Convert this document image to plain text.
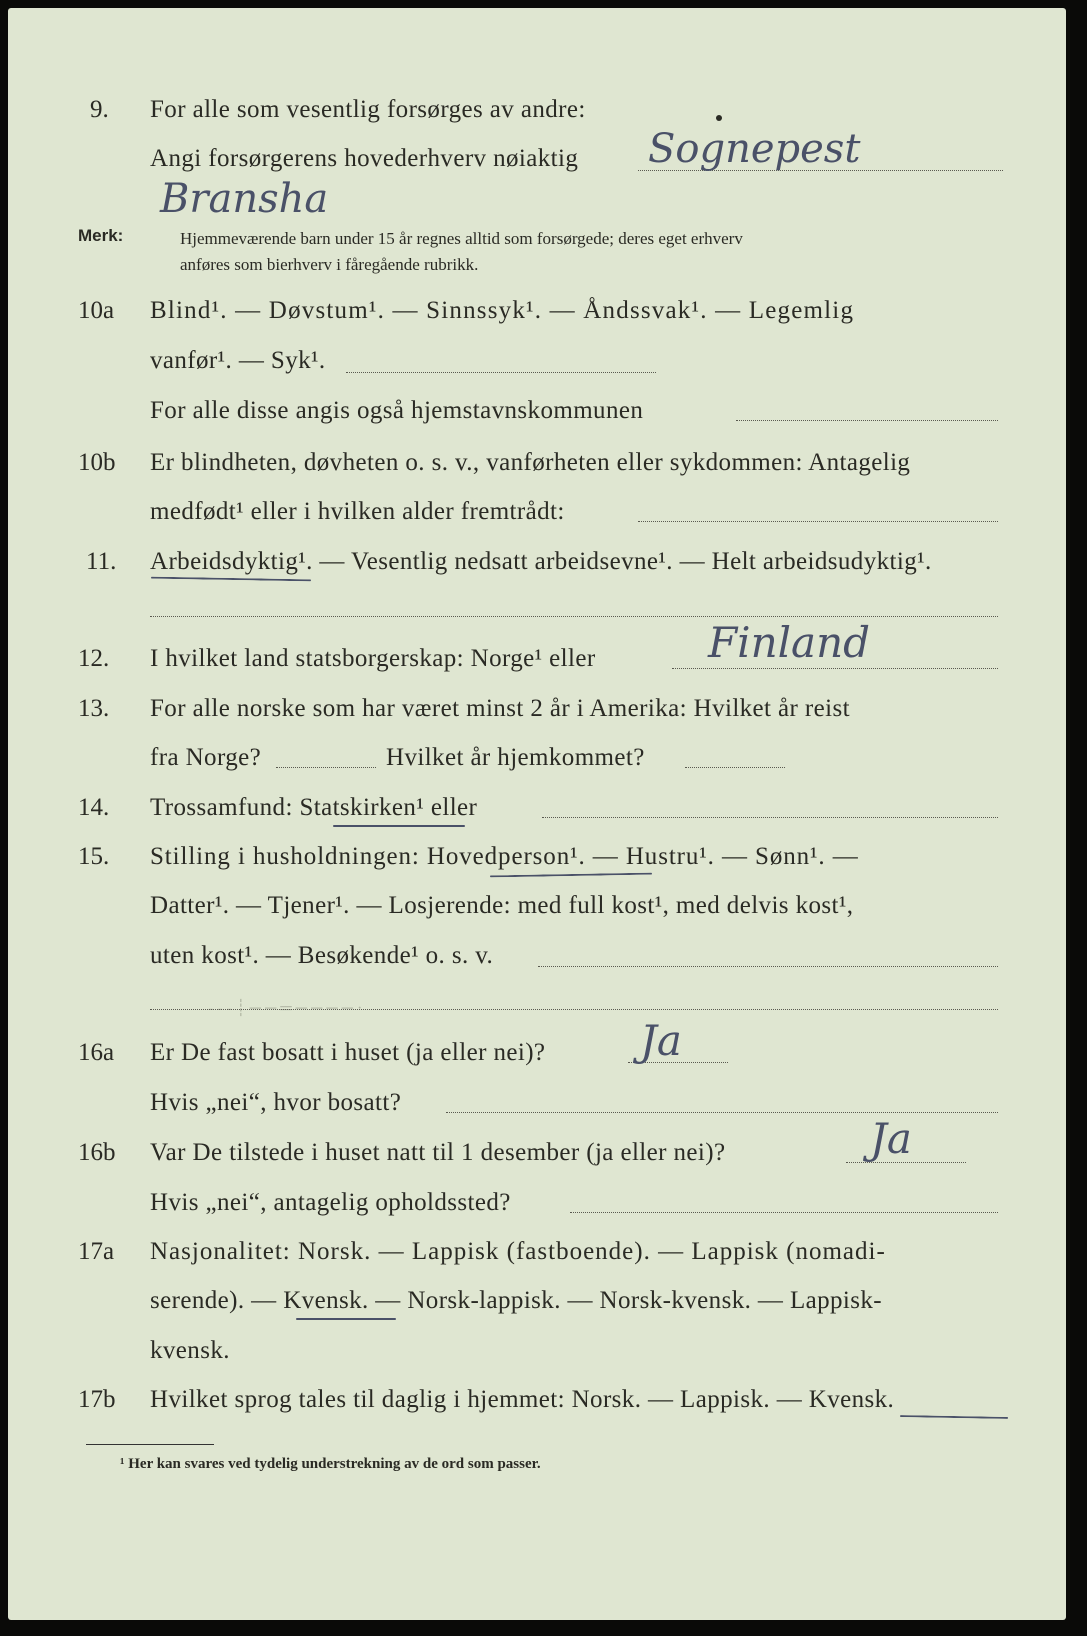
- - - ┊ ─ ─ ═ ─ ─ ─ ─ ·
9. For alle som vesentlig forsørges av andre:
Angi forsørgerens hovederhverv nøiaktig Sognepest
Bransha
Merk:	Hjemmeværende barn under 15 år regnes alltid som forsørgede; deres eget erhverv
anføres som bierhverv i fåregående rubrikk.
10a Blind¹. — Døvstum¹. — Sinnssyk¹. — Åndssvak¹. — Legemlig
vanfør¹. — Syk¹.
For alle disse angis også hjemstavnskommunen
10b Er blindheten, døvheten o. s. v., vanførheten eller sykdommen: Antagelig
medfødt¹ eller i hvilken alder fremtrådt:
11. Arbeidsdyktig¹. — Vesentlig nedsatt arbeidsevne¹. — Helt arbeidsudyktig¹.
12. I hvilket land statsborgerskap: Norge¹ eller	Finland
13. For alle norske som har været minst 2 år i Amerika: Hvilket år reist
fra Norge?	Hvilket år hjemkommet?
14. Trossamfund: Statskirken¹ eller
15. Stilling i husholdningen: Hovedperson¹. — Hustru¹. — Sønn¹. —
Datter¹. — Tjener¹. — Losjerende: med full kost¹, med delvis kost¹,
uten kost¹. — Besøkende¹ o. s. v.
16a Er De fast bosatt i huset (ja eller nei)? Ja
Hvis „nei“, hvor bosatt?
16b Var De tilstede i huset natt til 1 desember (ja eller nei)?	Ja
Hvis „nei“, antagelig opholdssted?
17a Nasjonalitet: Norsk. — Lappisk (fastboende). — Lappisk (nomadi-
serende). — Kvensk. — Norsk-lappisk. — Norsk-kvensk. — Lappisk-
kvensk.
17b Hvilket sprog tales til daglig i hjemmet: Norsk. — Lappisk. — Kvensk.
¹ Her kan svares ved tydelig understrekning av de ord som passer.
